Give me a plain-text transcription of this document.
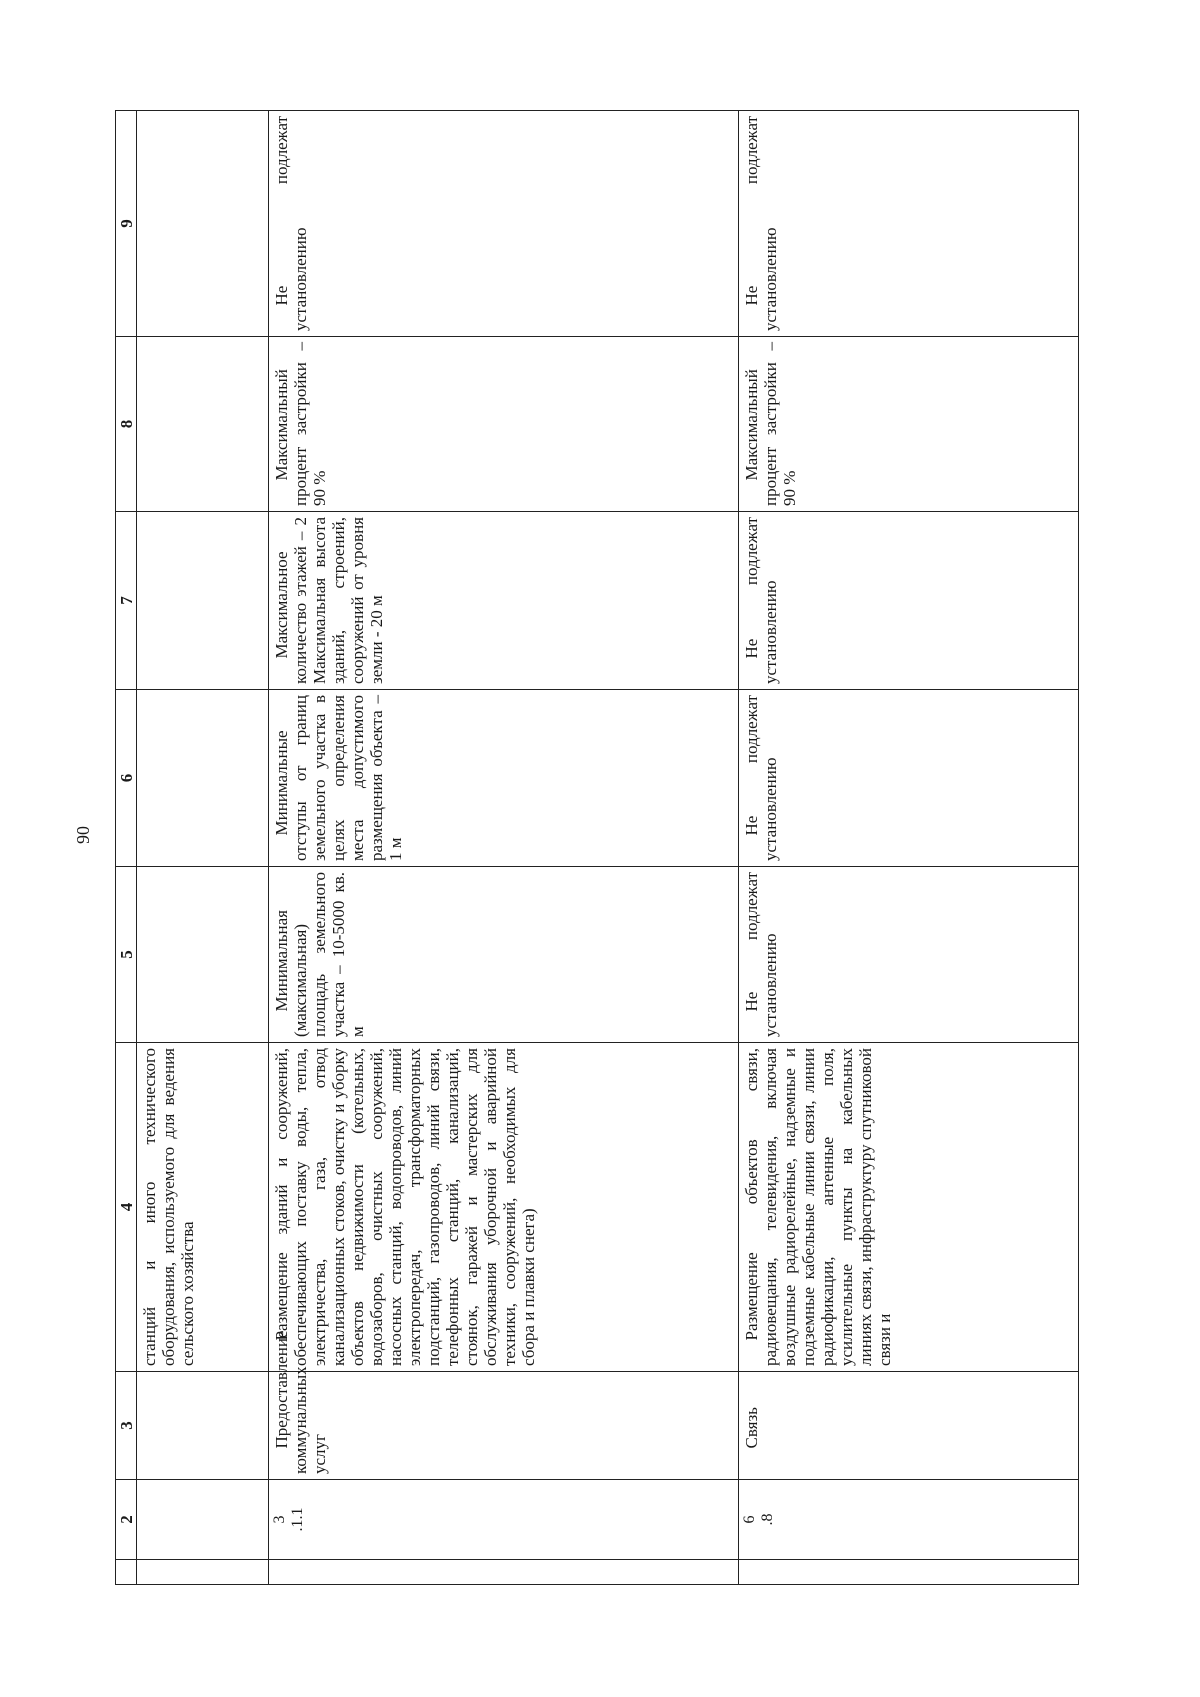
90
	2	3	4	5	6	7	8	9

			станций и иного технического оборудования, используемого для ведения сельского хозяйства					

	3 .1.1	Предоставление коммунальных услуг	Размещение зданий и сооружений, обеспечивающих поставку воды, тепла, электричества, газа, отвод канализационных стоков, очистку и уборку объектов недвижимости (котельных, водозаборов, очистных сооружений, насосных станций, водопроводов, линий электропередач, трансформаторных подстанций, газопроводов, линий связи, телефонных станций, канализаций, стоянок, гаражей и мастерских для обслуживания уборочной и аварийной техники, сооружений, необходимых для сбора и плавки снега)	Минимальная (максимальная) площадь земельного участка – 10-5000 кв. м	Минимальные отступы от границ земельного участка в целях определения места допустимого размещения объекта – 1 м	Максимальное количество этажей – 2 Максимальная высота зданий, строений, сооружений от уровня земли - 20 м	Максимальный процент застройки – 90 %	Не подлежат установлению

	6 .8	Связь	Размещение объектов связи, радиовещания, телевидения, включая воздушные радиорелейные, надземные и подземные кабельные линии связи, линии радиофикации, антенные поля, усилительные пункты на кабельных линиях связи, инфраструктуру спутниковой связи и	Не подлежат установлению	Не подлежат установлению	Не подлежат установлению	Максимальный процент застройки – 90 %	Не подлежат установлению
